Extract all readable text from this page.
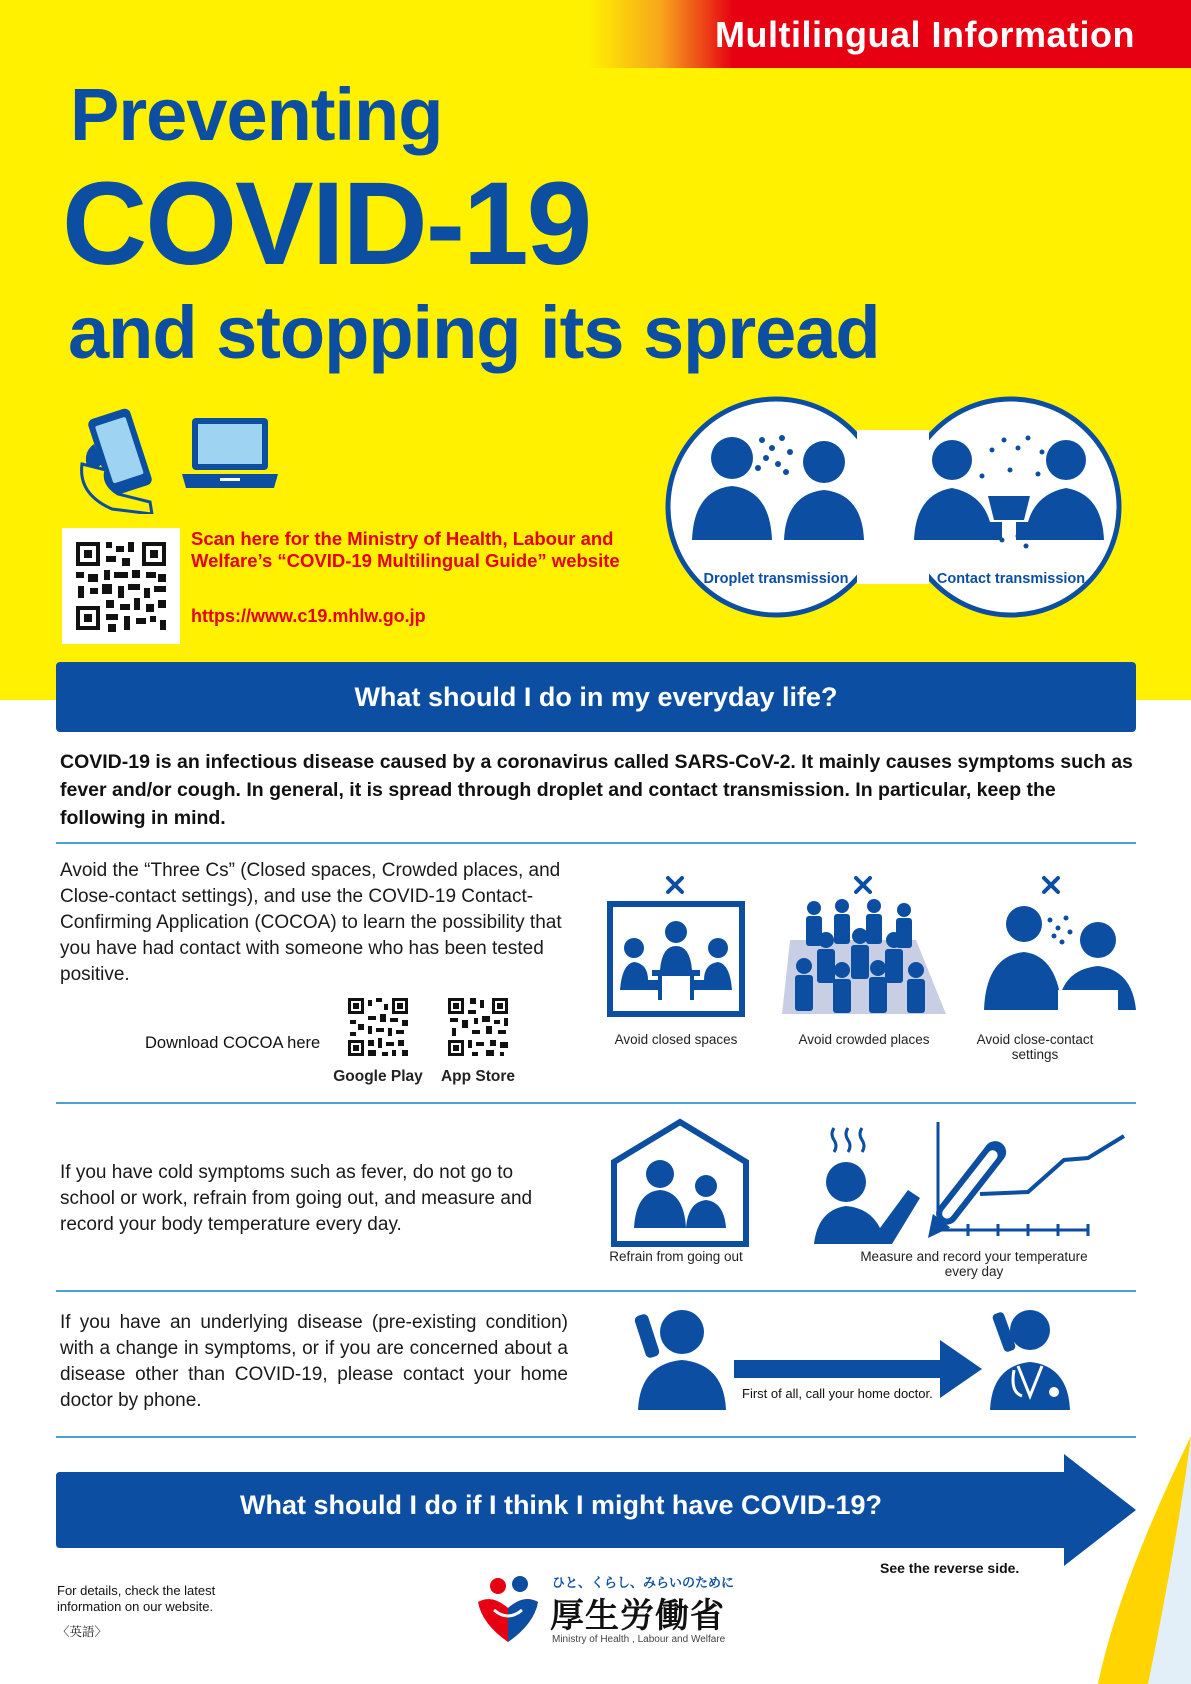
Multilingual Information
Preventing
COVID-19
and stopping its spread
Scan here for the Ministry of Health, Labour and Welfare’s “COVID-19 Multilingual Guide” website
https://www.c19.mhlw.go.jp
Droplet transmission	Contact transmission
What should I do in my everyday life?
COVID-19 is an infectious disease caused by a coronavirus called SARS-CoV-2. It mainly causes symptoms such as fever and/or cough. In general, it is spread through droplet and contact transmission. In particular, keep the following in mind.
Avoid the “Three Cs” (Closed spaces, Crowded places, and Close-contact settings), and use the COVID-19 Contact-Confirming Application (COCOA) to learn the possibility that you have had contact with someone who has been tested positive.
Download COCOA here
Google Play	App Store
Avoid closed spaces	Avoid crowded places	Avoid close-contact settings
If you have cold symptoms such as fever, do not go to school or work, refrain from going out, and measure and record your body temperature every day.
Refrain from going out	Measure and record your temperature every day
If you have an underlying disease (pre-existing condition) with a change in symptoms, or if you are concerned about a disease other than COVID-19, please contact your home doctor by phone.	First of all, call your home doctor.
What should I do if I think I might have COVID-19?
See the reverse side.
For details, check the latest information on our website.
〈英語〉
ひと、くらし、みらいのために
厚生労働省
Ministry of Health , Labour and Welfare
